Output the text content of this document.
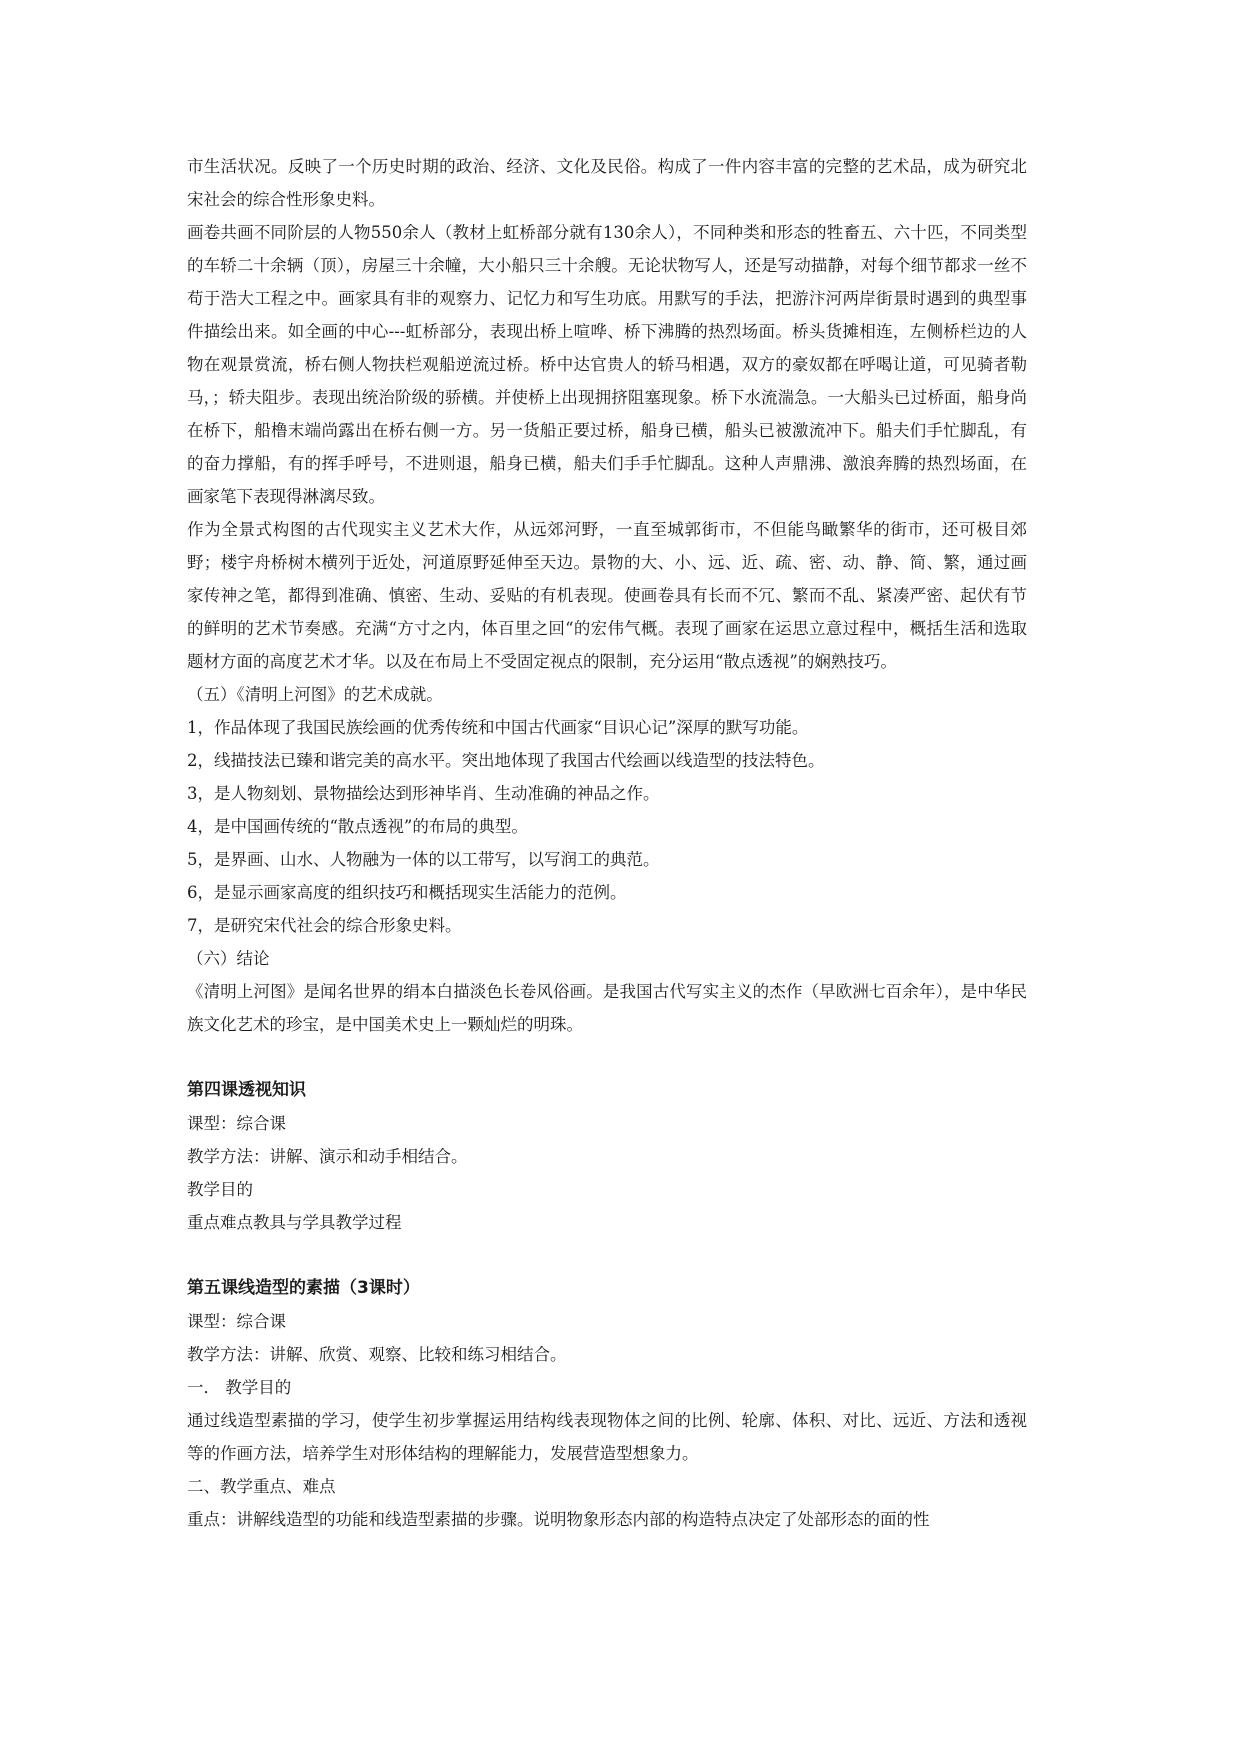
市生活状况。反映了一个历史时期的政治、经济、文化及民俗。构成了一件内容丰富的完整的艺术品，成为研究北宋社会的综合性形象史料。

画卷共画不同阶层的人物550余人（教材上虹桥部分就有130余人），不同种类和形态的牲畜五、六十匹，不同类型的车轿二十余辆（顶），房屋三十余幢，大小船只三十余艘。无论状物写人，还是写动描静，对每个细节都求一丝不苟于浩大工程之中。画家具有非的观察力、记忆力和写生功底。用默写的手法，把游汴河两岸街景时遇到的典型事件描绘出来。如全画的中心---虹桥部分，表现出桥上喧哗、桥下沸腾的热烈场面。桥头货摊相连，左侧桥栏边的人物在观景赏流，桥右侧人物扶栏观船逆流过桥。桥中达官贵人的轿马相遇，双方的豪奴都在呼喝让道，可见骑者勒马，；轿夫阻步。表现出统治阶级的骄横。并使桥上出现拥挤阻塞现象。桥下水流湍急。一大船头已过桥面，船身尚在桥下，船橹末端尚露出在桥右侧一方。另一货船正要过桥，船身已横，船头已被激流冲下。船夫们手忙脚乱，有的奋力撑船，有的挥手呼号，不进则退，船身已横，船夫们手手忙脚乱。这种人声鼎沸、激浪奔腾的热烈场面，在画家笔下表现得淋漓尽致。

作为全景式构图的古代现实主义艺术大作，从远郊河野，一直至城郭街市，不但能鸟瞰繁华的街市，还可极目郊野；楼宇舟桥树木横列于近处，河道原野延伸至天边。景物的大、小、远、近、疏、密、动、静、简、繁，通过画家传神之笔，都得到准确、慎密、生动、妥贴的有机表现。使画卷具有长而不冗、繁而不乱、紧凑严密、起伏有节的鲜明的艺术节奏感。充满“方寸之内，体百里之回“的宏伟气概。表现了画家在运思立意过程中，概括生活和选取题材方面的高度艺术才华。以及在布局上不受固定视点的限制，充分运用“散点透视”的娴熟技巧。

（五）《清明上河图》的艺术成就。

1，作品体现了我国民族绘画的优秀传统和中国古代画家“目识心记”深厚的默写功能。

2，线描技法已臻和谐完美的高水平。突出地体现了我国古代绘画以线造型的技法特色。

3，是人物刻划、景物描绘达到形神毕肖、生动准确的神品之作。

4，是中国画传统的“散点透视”的布局的典型。

5，是界画、山水、人物融为一体的以工带写，以写润工的典范。

6，是显示画家高度的组织技巧和概括现实生活能力的范例。

7，是研究宋代社会的综合形象史料。

（六）结论

《清明上河图》是闻名世界的绢本白描淡色长卷风俗画。是我国古代写实主义的杰作（早欧洲七百余年），是中华民族文化艺术的珍宝，是中国美术史上一颗灿烂的明珠。

第四课透视知识

课型：综合课

教学方法：讲解、演示和动手相结合。

教学目的

重点难点教具与学具教学过程

第五课线造型的素描（3课时）

课型：综合课

教学方法：讲解、欣赏、观察、比较和练习相结合。

一． 教学目的

通过线造型素描的学习，使学生初步掌握运用结构线表现物体之间的比例、轮廓、体积、对比、远近、方法和透视等的作画方法，培养学生对形体结构的理解能力，发展营造型想象力。

二、教学重点、难点

重点：讲解线造型的功能和线造型素描的步骤。说明物象形态内部的构造特点决定了处部形态的面的性
